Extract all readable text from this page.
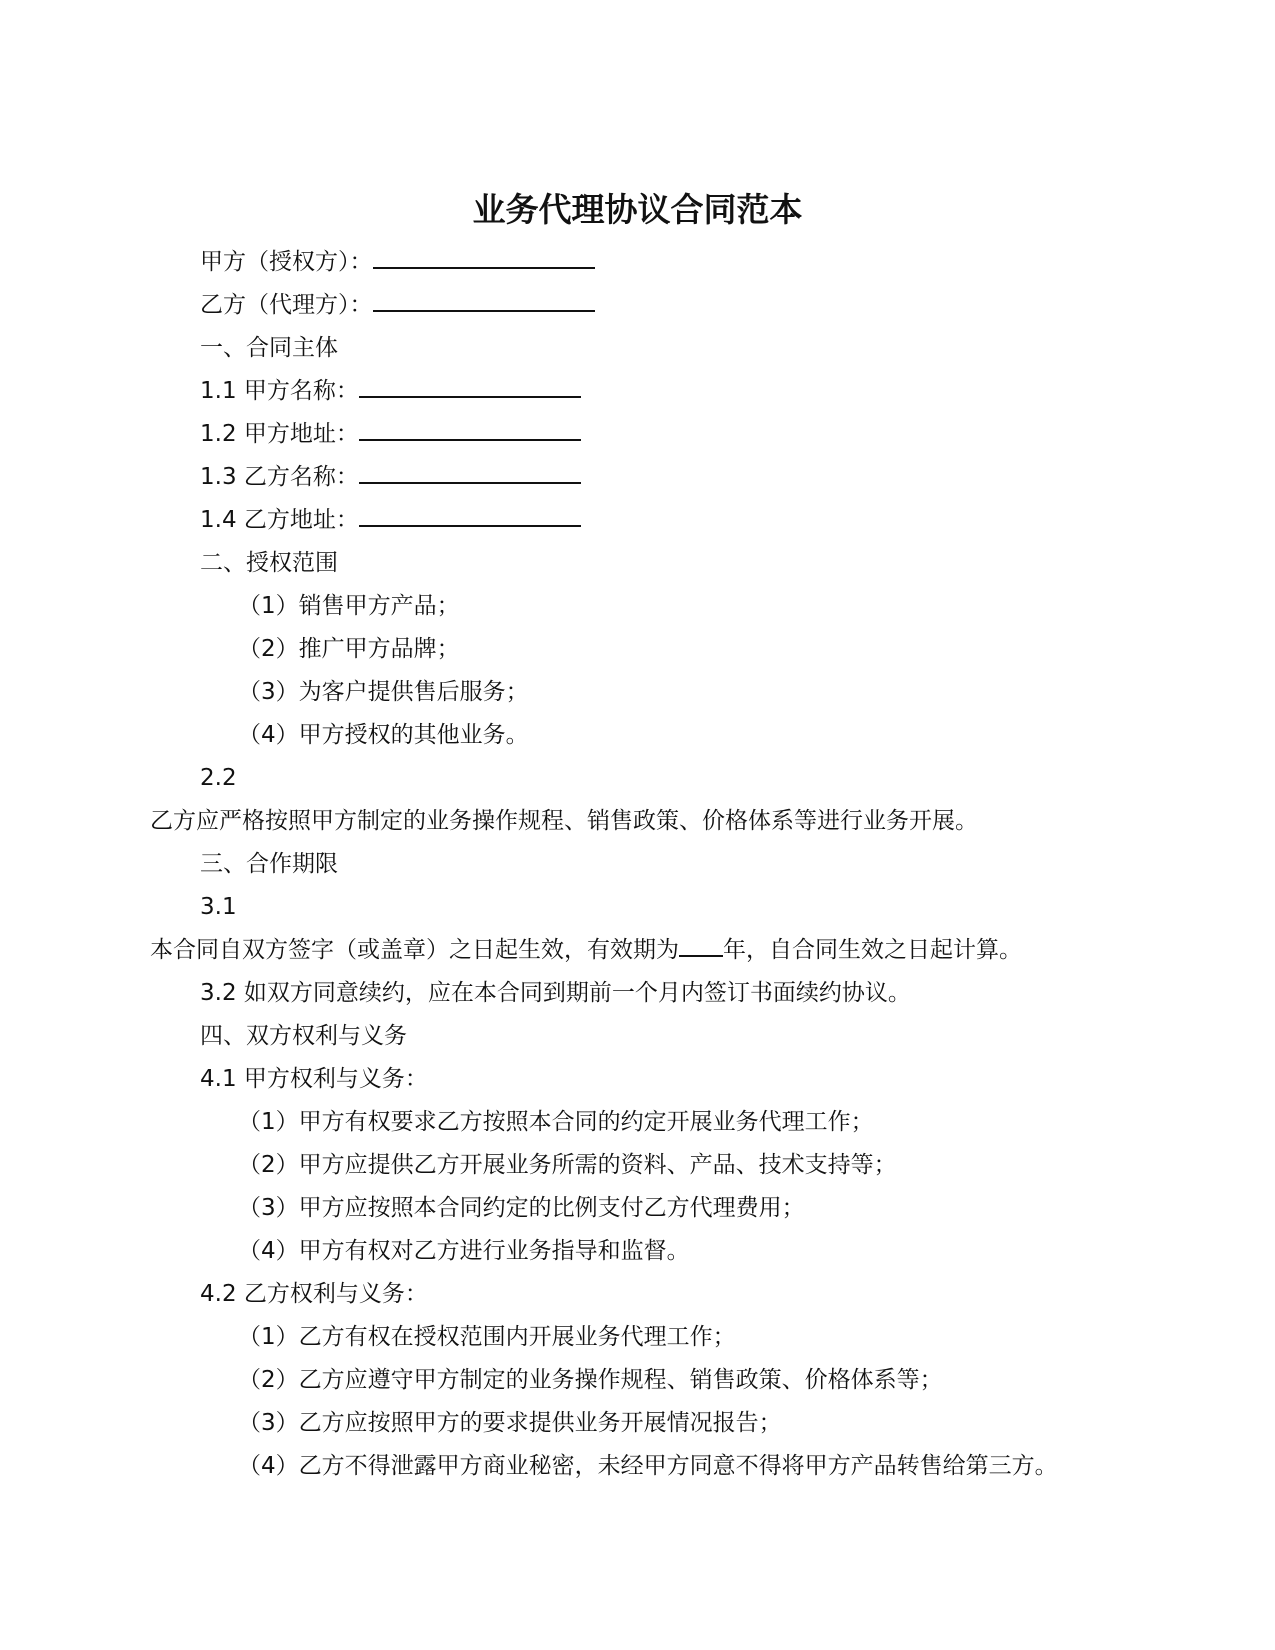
业务代理协议合同范本
甲方（授权方）：
乙方（代理方）：
一、合同主体
1.1 甲方名称：
1.2 甲方地址：
1.3 乙方名称：
1.4 乙方地址：
二、授权范围
（1）销售甲方产品；
（2）推广甲方品牌；
（3）为客户提供售后服务；
（4）甲方授权的其他业务。
2.2
乙方应严格按照甲方制定的业务操作规程、销售政策、价格体系等进行业务开展。
三、合作期限
3.1
本合同自双方签字（或盖章）之日起生效，有效期为 年，自合同生效之日起计算。
3.2 如双方同意续约，应在本合同到期前一个月内签订书面续约协议。
四、双方权利与义务
4.1 甲方权利与义务：
（1）甲方有权要求乙方按照本合同的约定开展业务代理工作；
（2）甲方应提供乙方开展业务所需的资料、产品、技术支持等；
（3）甲方应按照本合同约定的比例支付乙方代理费用；
（4）甲方有权对乙方进行业务指导和监督。
4.2 乙方权利与义务：
（1）乙方有权在授权范围内开展业务代理工作；
（2）乙方应遵守甲方制定的业务操作规程、销售政策、价格体系等；
（3）乙方应按照甲方的要求提供业务开展情况报告；
（4）乙方不得泄露甲方商业秘密，未经甲方同意不得将甲方产品转售给第三方。
